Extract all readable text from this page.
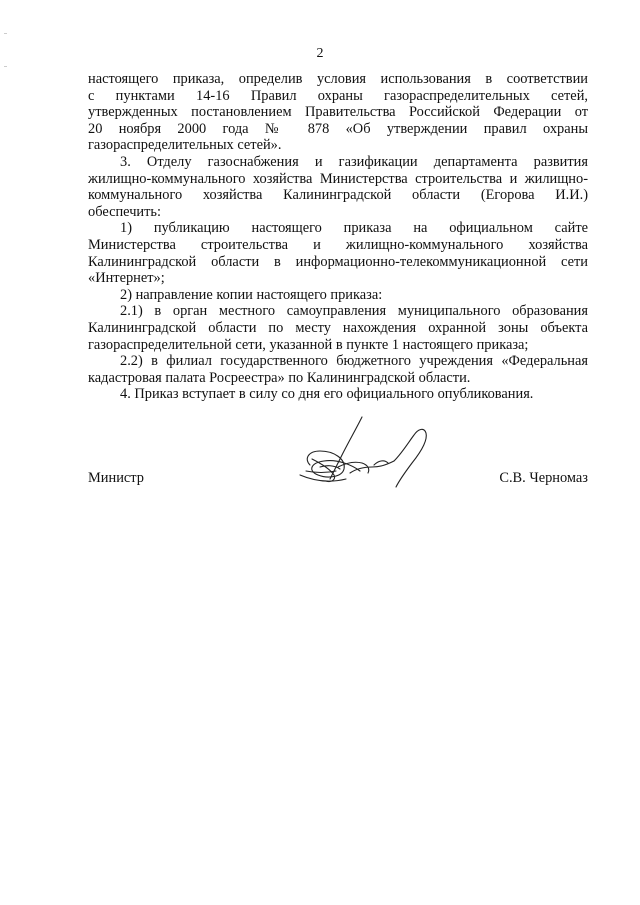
2
настоящего приказа, определив условия использования в соответствии
с пунктами 14-16 Правил охраны газораспределительных сетей,
утвержденных постановлением Правительства Российской Федерации от
20 ноября 2000 года № 878 «Об утверждении правил охраны
газораспределительных сетей».
3. Отделу газоснабжения и газификации департамента развития
жилищно-коммунального хозяйства Министерства строительства и жилищно-
коммунального хозяйства Калининградской области (Егорова И.И.)
обеспечить:
1) публикацию настоящего приказа на официальном сайте
Министерства строительства и жилищно-коммунального хозяйства
Калининградской области в информационно-телекоммуникационной сети
«Интернет»;
2) направление копии настоящего приказа:
2.1) в орган местного самоуправления муниципального образования
Калининградской области по месту нахождения охранной зоны объекта
газораспределительной сети, указанной в пункте 1 настоящего приказа;
2.2) в филиал государственного бюджетного учреждения «Федеральная
кадастровая палата Росреестра» по Калининградской области.
4. Приказ вступает в силу со дня его официального опубликования.
Министр	С.В. Черномаз
